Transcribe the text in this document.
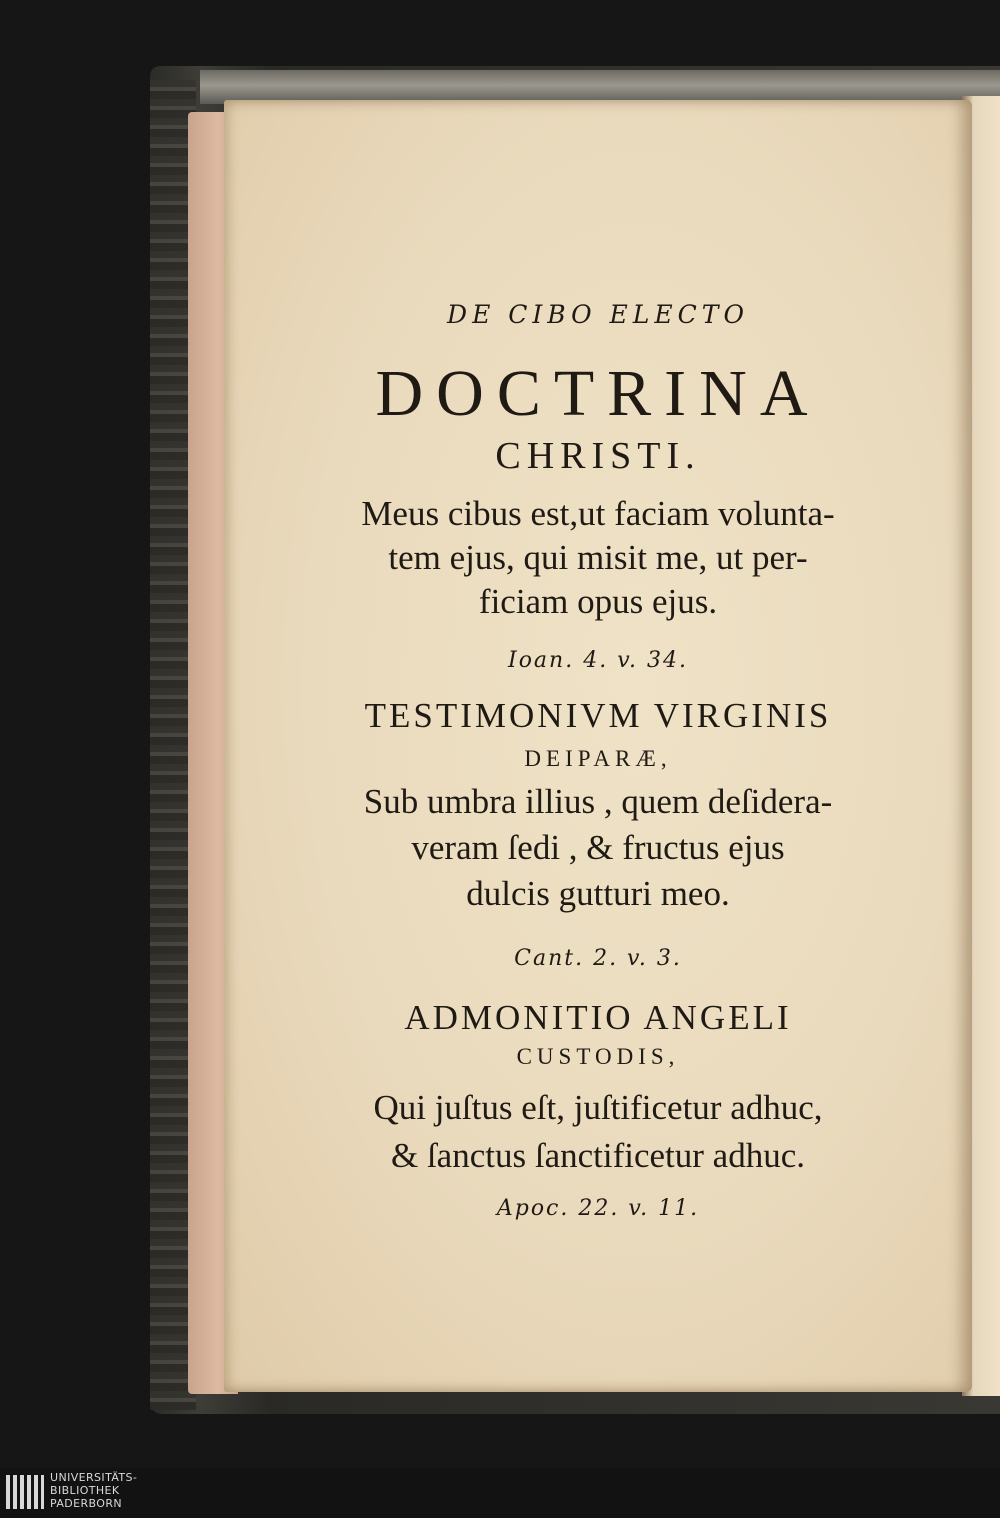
DE CIBO ELECTO
DOCTRINA
CHRISTI.
Meus cibus est,ut faciam volunta-
tem ejus, qui misit me, ut per-
ficiam opus ejus.
Ioan. 4. v. 34.
TESTIMONIVM VIRGINIS
DEIPARÆ,
Sub umbra illius , quem deſidera-
veram ſedi , & fructus ejus
dulcis gutturi meo.
Cant. 2. v. 3.
ADMONITIO ANGELI
CUSTODIS,
Qui juſtus eſt, juſtificetur adhuc,
& ſanctus ſanctificetur adhuc.
Apoc. 22. v. 11.
UNIVERSITÄTS-
BIBLIOTHEK
PADERBORN
